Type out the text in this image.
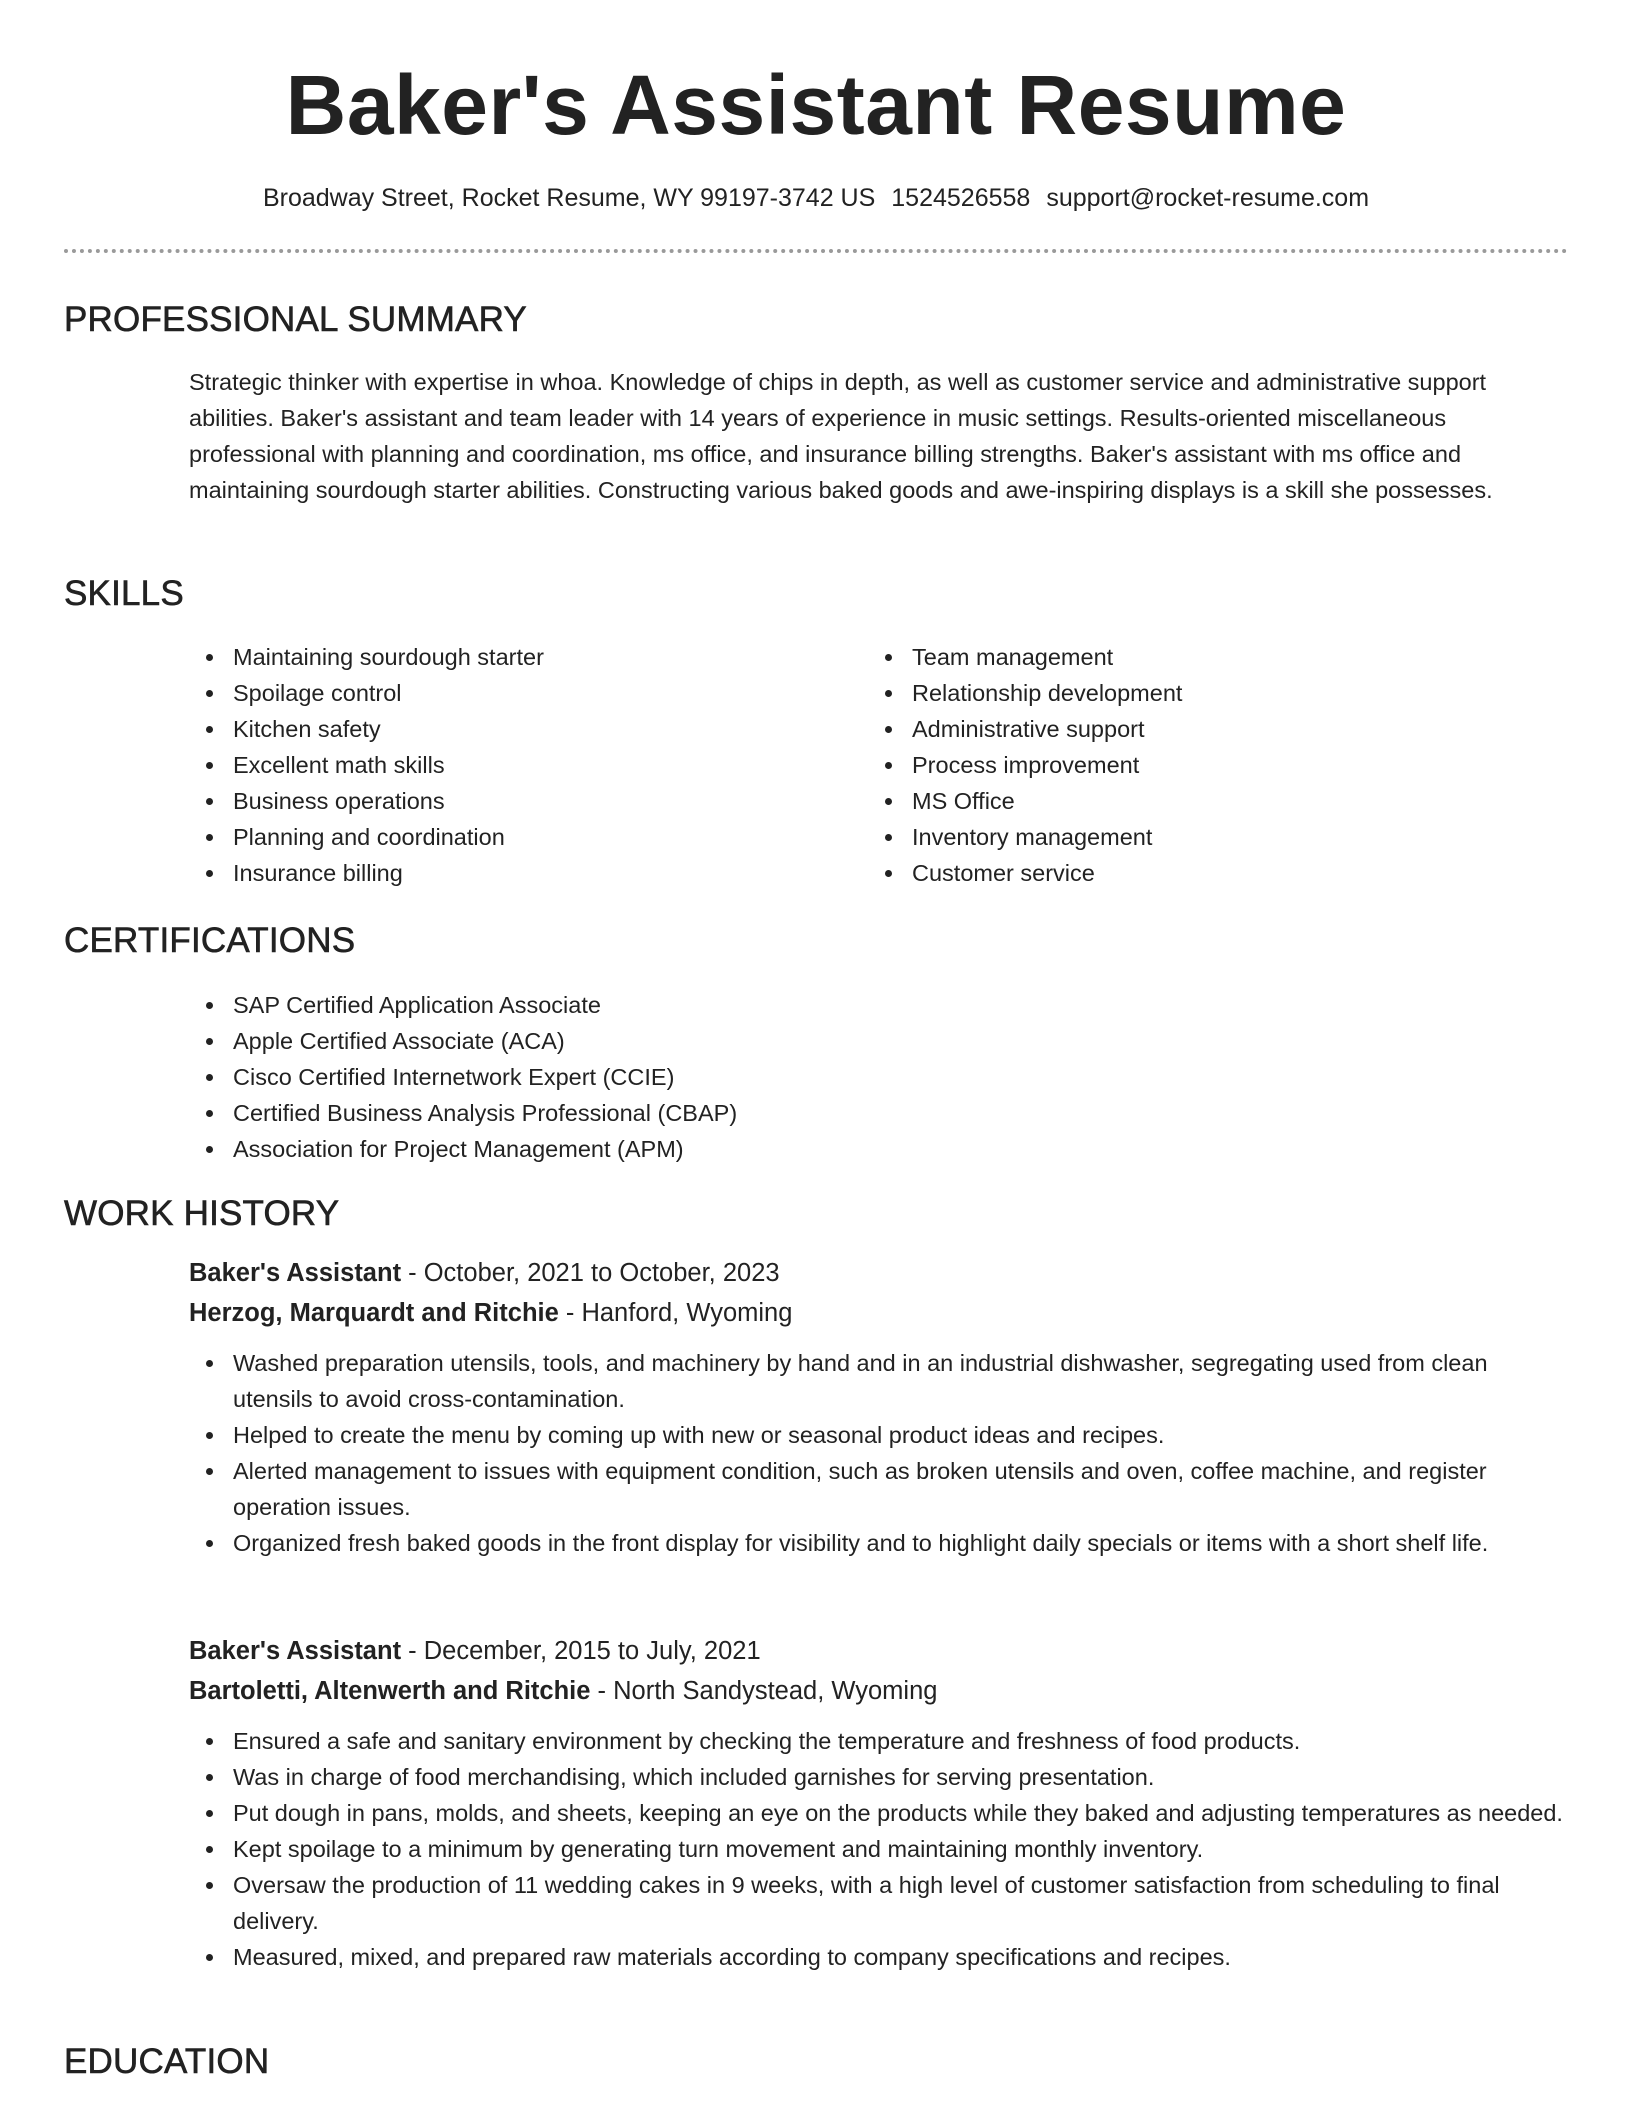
Baker's Assistant Resume
Broadway Street, Rocket Resume, WY 99197-3742 US 1524526558 support@rocket-resume.com
PROFESSIONAL SUMMARY

Strategic thinker with expertise in whoa. Knowledge of chips in depth, as well as customer service and administrative support abilities. Baker's assistant and team leader with 14 years of experience in music settings. Results-oriented miscellaneous professional with planning and coordination, ms office, and insurance billing strengths. Baker's assistant with ms office and maintaining sourdough starter abilities. Constructing various baked goods and awe-inspiring displays is a skill she possesses.

SKILLS
Maintaining sourdough starter
Spoilage control
Kitchen safety
Excellent math skills
Business operations
Planning and coordination
Insurance billing
Team management
Relationship development
Administrative support
Process improvement
MS Office
Inventory management
Customer service
CERTIFICATIONS
SAP Certified Application Associate
Apple Certified Associate (ACA)
Cisco Certified Internetwork Expert (CCIE)
Certified Business Analysis Professional (CBAP)
Association for Project Management (APM)
WORK HISTORY
Baker's Assistant - October, 2021 to October, 2023
Herzog, Marquardt and Ritchie - Hanford, Wyoming
Washed preparation utensils, tools, and machinery by hand and in an industrial dishwasher, segregating used from clean utensils to avoid cross-contamination.
Helped to create the menu by coming up with new or seasonal product ideas and recipes.
Alerted management to issues with equipment condition, such as broken utensils and oven, coffee machine, and register operation issues.
Organized fresh baked goods in the front display for visibility and to highlight daily specials or items with a short shelf life.
Baker's Assistant - December, 2015 to July, 2021
Bartoletti, Altenwerth and Ritchie - North Sandystead, Wyoming
Ensured a safe and sanitary environment by checking the temperature and freshness of food products.
Was in charge of food merchandising, which included garnishes for serving presentation.
Put dough in pans, molds, and sheets, keeping an eye on the products while they baked and adjusting temperatures as needed.
Kept spoilage to a minimum by generating turn movement and maintaining monthly inventory.
Oversaw the production of 11 wedding cakes in 9 weeks, with a high level of customer satisfaction from scheduling to final delivery.
Measured, mixed, and prepared raw materials according to company specifications and recipes.
EDUCATION
